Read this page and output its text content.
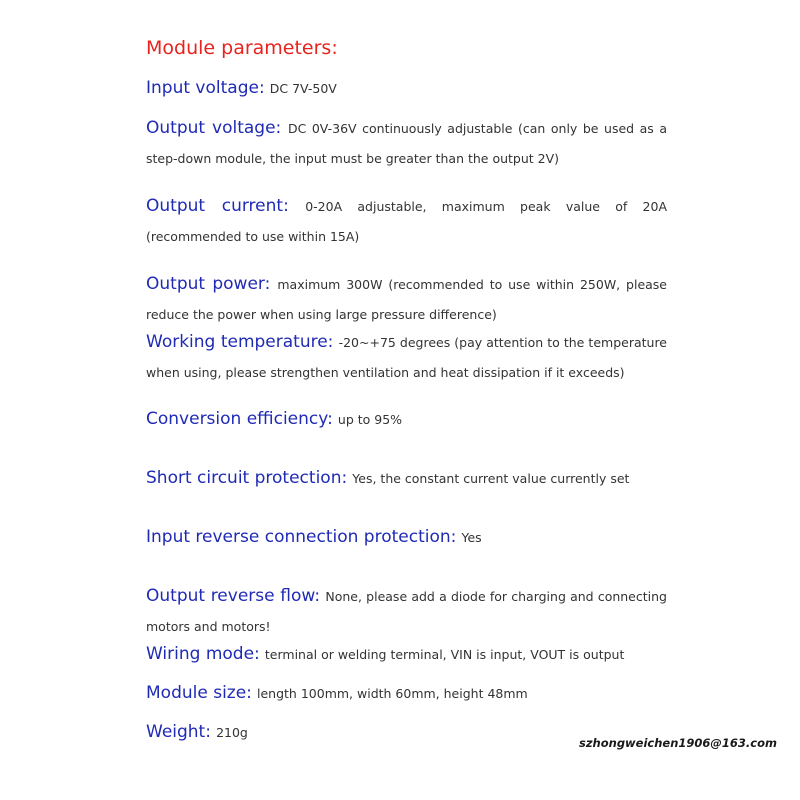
Module parameters:
Input voltage: DC 7V-50V
Output voltage: DC 0V-36V continuously adjustable (can only be used as a step-down module, the input must be greater than the output 2V)
Output current: 0-20A adjustable, maximum peak value of 20A (recommended to use within 15A)
Output power: maximum 300W (recommended to use within 250W, please reduce the power when using large pressure difference)
Working temperature: -20~+75 degrees (pay attention to the temperature when using, please strengthen ventilation and heat dissipation if it exceeds)
Conversion efficiency: up to 95%
Short circuit protection: Yes, the constant current value currently set
Input reverse connection protection: Yes
Output reverse flow: None, please add a diode for charging and connecting motors and motors!
Wiring mode: terminal or welding terminal, VIN is input, VOUT is output
Module size: length 100mm, width 60mm, height 48mm
Weight: 210g
szhongweichen1906@163.com
